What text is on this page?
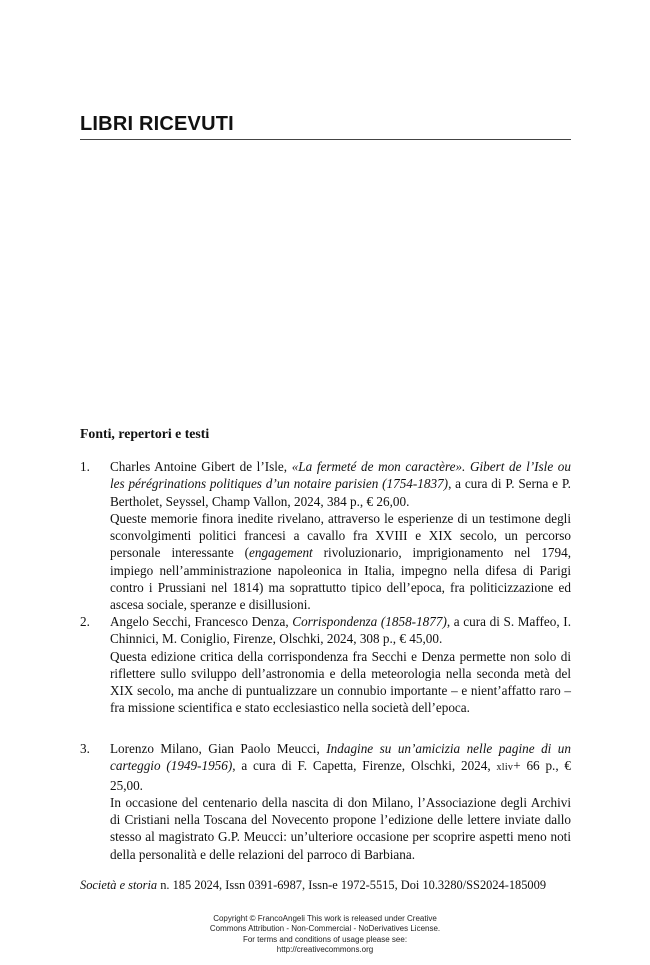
LIBRI RICEVUTI
Fonti, repertori e testi
1. Charles Antoine Gibert de l’Isle, «La fermeté de mon caractère». Gibert de l’Isle ou les pérégrinations politiques d’un notaire parisien (1754-1837), a cura di P. Serna e P. Bertholet, Seyssel, Champ Vallon, 2024, 384 p., € 26,00.

Queste memorie finora inedite rivelano, attraverso le esperienze di un testimone degli sconvolgimenti politici francesi a cavallo fra XVIII e XIX secolo, un percorso personale interessante (engagement rivoluzionario, imprigionamento nel 1794, impiego nell’amministrazione napoleonica in Italia, impegno nella difesa di Parigi contro i Prussiani nel 1814) ma soprattutto tipico dell’epoca, fra politicizzazione ed ascesa sociale, speranze e disillusioni.

2. Angelo Secchi, Francesco Denza, Corrispondenza (1858-1877), a cura di S. Maffeo, I. Chinnici, M. Coniglio, Firenze, Olschki, 2024, 308 p., € 45,00.

Questa edizione critica della corrispondenza fra Secchi e Denza permette non solo di riflettere sullo sviluppo dell’astronomia e della meteorologia nella seconda metà del XIX secolo, ma anche di puntualizzare un connubio importante – e nient’affatto raro – fra missione scientifica e stato ecclesiastico nella società dell’epoca.

3. Lorenzo Milano, Gian Paolo Meucci, Indagine su un’amicizia nelle pagine di un carteggio (1949-1956), a cura di F. Capetta, Firenze, Olschki, 2024, xliv+ 66 p., € 25,00.

In occasione del centenario della nascita di don Milano, l’Associazione degli Archivi di Cristiani nella Toscana del Novecento propone l’edizione delle lettere inviate dallo stesso al magistrato G.P. Meucci: un’ulteriore occasione per scoprire aspetti meno noti della personalità e delle relazioni del parroco di Barbiana.

Società e storia n. 185 2024, Issn 0391-6987, Issn-e 1972-5515, Doi 10.3280/SS2024-185009
Copyright © FrancoAngeli This work is released under Creative
Commons Attribution - Non-Commercial - NoDerivatives License.
For terms and conditions of usage please see:
http://creativecommons.org
